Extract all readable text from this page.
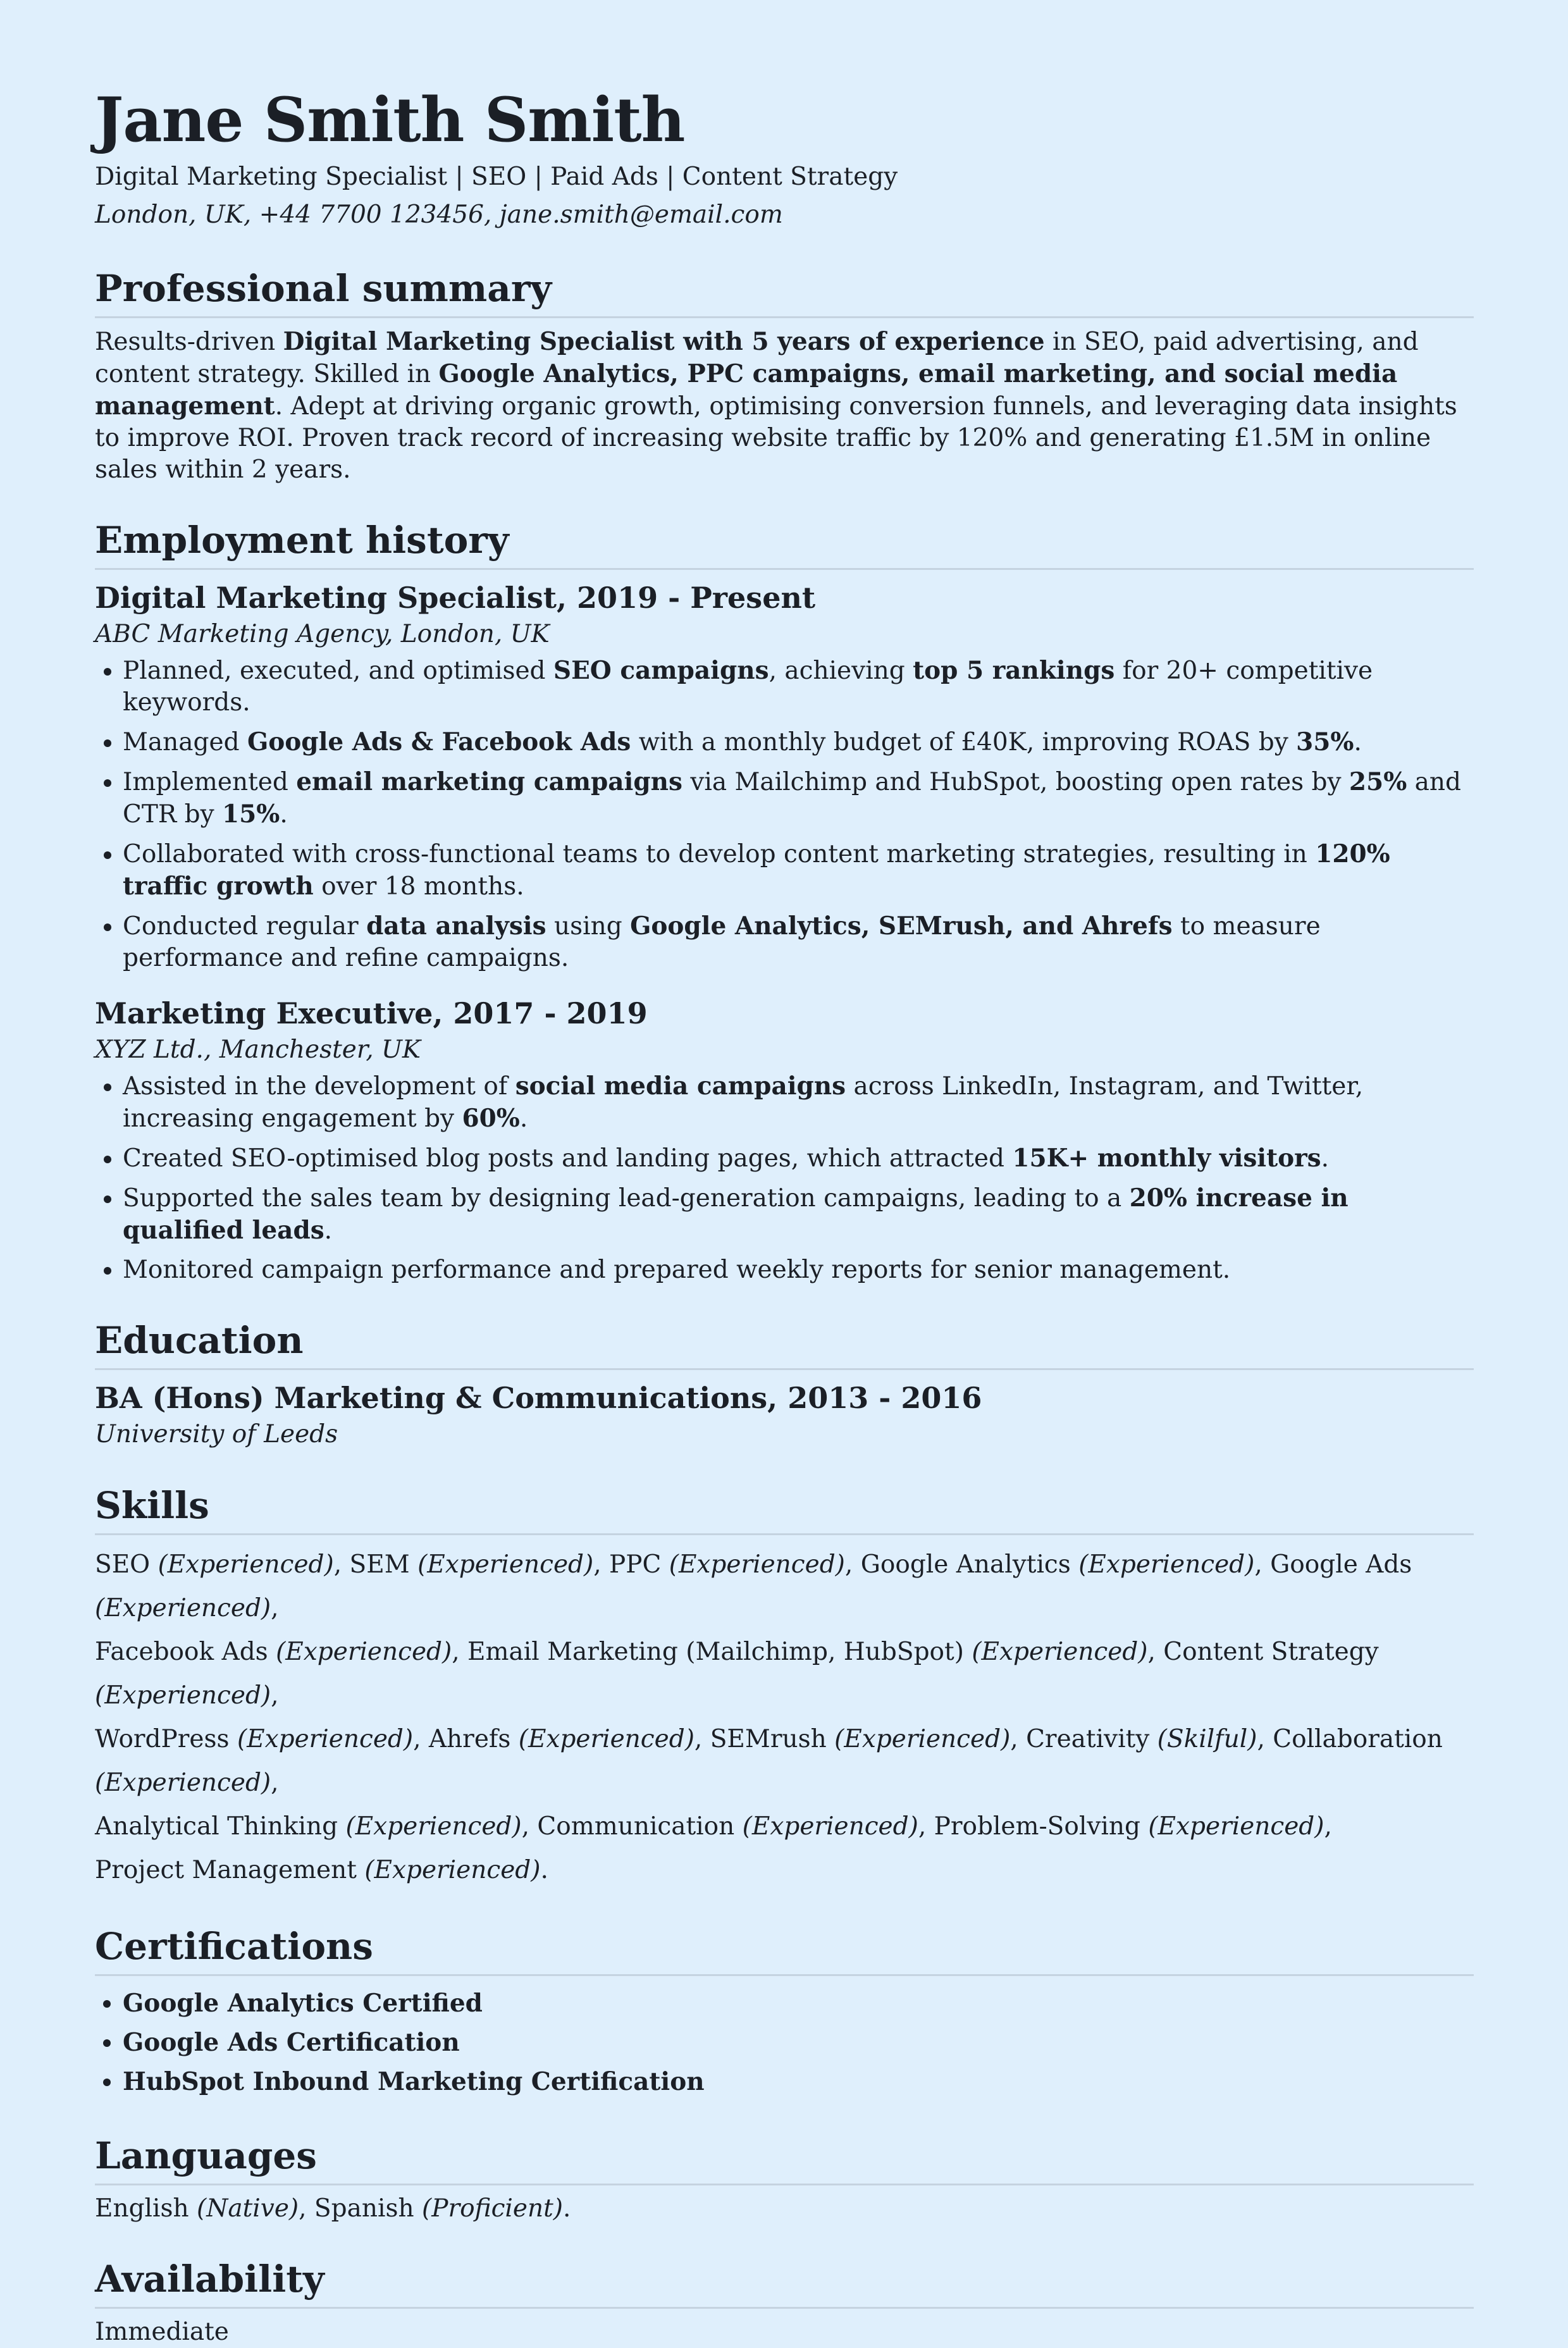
Jane Smith Smith
Digital Marketing Specialist | SEO | Paid Ads | Content Strategy
London, UK, +44 7700 123456, jane.smith@email.com
Professional summary
Results-driven Digital Marketing Specialist with 5 years of experience in SEO, paid advertising, and content strategy. Skilled in Google Analytics, PPC campaigns, email marketing, and social media management. Adept at driving organic growth, optimising conversion funnels, and leveraging data insights to improve ROI. Proven track record of increasing website traffic by 120% and generating £1.5M in online sales within 2 years.
Employment history
Digital Marketing Specialist, 2019 - Present
ABC Marketing Agency, London, UK
• Planned, executed, and optimised SEO campaigns, achieving top 5 rankings for 20+ competitive keywords.
• Managed Google Ads & Facebook Ads with a monthly budget of £40K, improving ROAS by 35%.
• Implemented email marketing campaigns via Mailchimp and HubSpot, boosting open rates by 25% and CTR by 15%.
• Collaborated with cross-functional teams to develop content marketing strategies, resulting in 120% traffic growth over 18 months.
• Conducted regular data analysis using Google Analytics, SEMrush, and Ahrefs to measure performance and refine campaigns.
Marketing Executive, 2017 - 2019
XYZ Ltd., Manchester, UK
• Assisted in the development of social media campaigns across LinkedIn, Instagram, and Twitter, increasing engagement by 60%.
• Created SEO-optimised blog posts and landing pages, which attracted 15K+ monthly visitors.
• Supported the sales team by designing lead-generation campaigns, leading to a 20% increase in qualified leads.
• Monitored campaign performance and prepared weekly reports for senior management.
Education
BA (Hons) Marketing & Communications, 2013 - 2016
University of Leeds
Skills
SEO (Experienced), SEM (Experienced), PPC (Experienced), Google Analytics (Experienced), Google Ads (Experienced),
Facebook Ads (Experienced), Email Marketing (Mailchimp, HubSpot) (Experienced), Content Strategy (Experienced),
WordPress (Experienced), Ahrefs (Experienced), SEMrush (Experienced), Creativity (Skilful), Collaboration (Experienced),
Analytical Thinking (Experienced), Communication (Experienced), Problem-Solving (Experienced),
Project Management (Experienced).
Certifications
• Google Analytics Certified
• Google Ads Certification
• HubSpot Inbound Marketing Certification
Languages
English (Native), Spanish (Proficient).
Availability
Immediate
